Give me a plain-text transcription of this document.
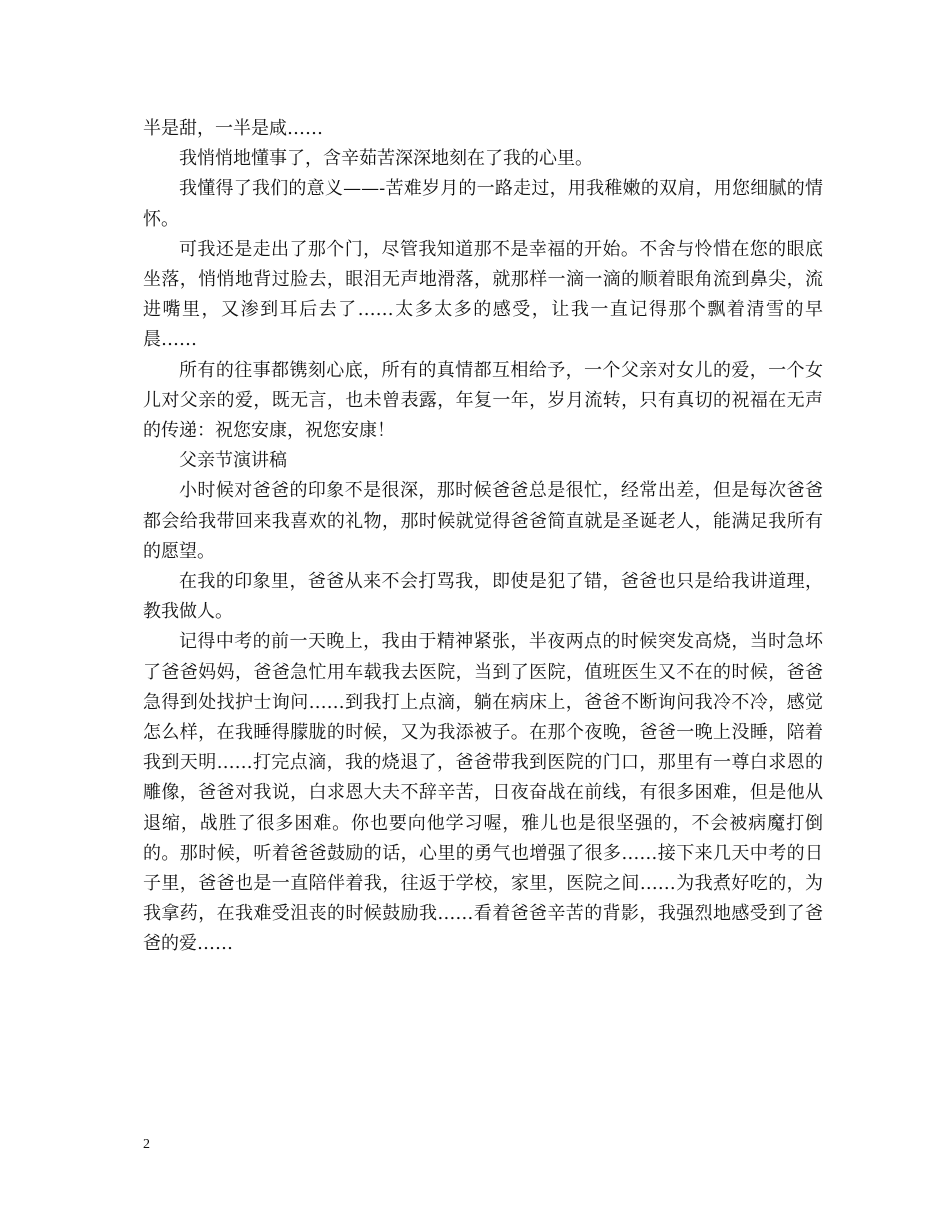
半是甜，一半是咸……

我悄悄地懂事了，含辛茹苦深深地刻在了我的心里。

我懂得了我们的意义——-苦难岁月的一路走过，用我稚嫩的双肩，用您细腻的情怀。

可我还是走出了那个门，尽管我知道那不是幸福的开始。不舍与怜惜在您的眼底坐落，悄悄地背过脸去，眼泪无声地滑落，就那样一滴一滴的顺着眼角流到鼻尖，流进嘴里，又渗到耳后去了……太多太多的感受，让我一直记得那个飘着清雪的早晨……

所有的往事都镌刻心底，所有的真情都互相给予，一个父亲对女儿的爱，一个女儿对父亲的爱，既无言，也未曾表露，年复一年，岁月流转，只有真切的祝福在无声的传递：祝您安康，祝您安康！

父亲节演讲稿

小时候对爸爸的印象不是很深，那时候爸爸总是很忙，经常出差，但是每次爸爸都会给我带回来我喜欢的礼物，那时候就觉得爸爸简直就是圣诞老人，能满足我所有的愿望。

在我的印象里，爸爸从来不会打骂我，即使是犯了错，爸爸也只是给我讲道理，教我做人。

记得中考的前一天晚上，我由于精神紧张，半夜两点的时候突发高烧，当时急坏了爸爸妈妈，爸爸急忙用车载我去医院，当到了医院，值班医生又不在的时候，爸爸急得到处找护士询问……到我打上点滴，躺在病床上，爸爸不断询问我冷不冷，感觉怎么样，在我睡得朦胧的时候，又为我添被子。在那个夜晚，爸爸一晚上没睡，陪着我到天明……打完点滴，我的烧退了，爸爸带我到医院的门口，那里有一尊白求恩的雕像，爸爸对我说，白求恩大夫不辞辛苦，日夜奋战在前线，有很多困难，但是他从退缩，战胜了很多困难。你也要向他学习喔，雅儿也是很坚强的，不会被病魔打倒的。那时候，听着爸爸鼓励的话，心里的勇气也增强了很多……接下来几天中考的日子里，爸爸也是一直陪伴着我，往返于学校，家里，医院之间……为我煮好吃的，为我拿药，在我难受沮丧的时候鼓励我……看着爸爸辛苦的背影，我强烈地感受到了爸爸的爱……

2
